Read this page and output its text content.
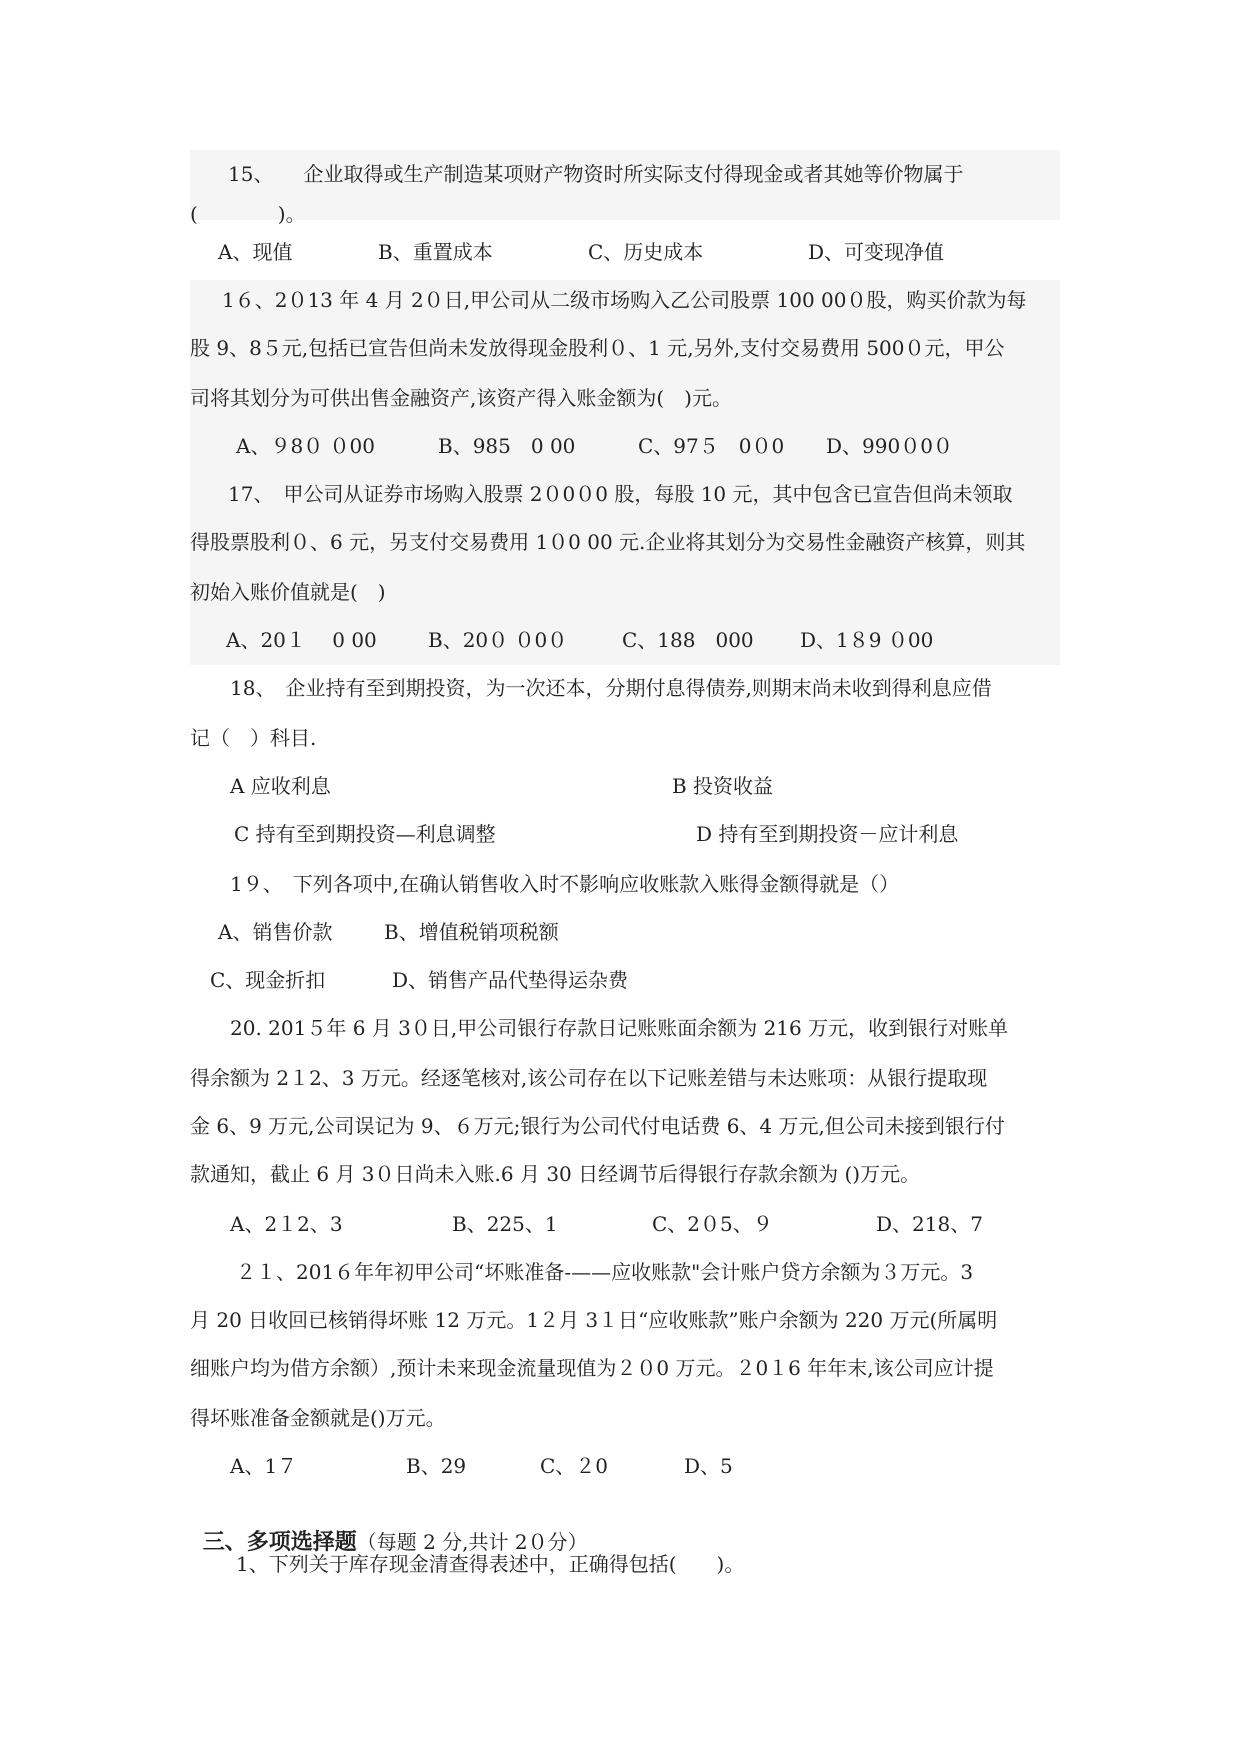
15、　　企业取得或生产制造某项财产物资时所实际支付得现金或者其她等价物属于
(　　　　)。
A、现值	B、重置成本	C、历史成本	D、可变现净值
1６、2０13 年 4 月 2０日,甲公司从二级市场购入乙公司股票 100 00０股，购买价款为每
股 9、8５元,包括已宣告但尚未发放得现金股利０、1 元,另外,支付交易费用 500０元，甲公
司将其划分为可供出售金融资产,该资产得入账金额为(　)元。
A、９8０ ０00	B、985　0 00	C、97５　0０0 D、990０0０
17、　甲公司从证券市场购入股票 2０0０0 股，每股 10 元，其中包含已宣告但尚未领取
得股票股利０、6 元，另支付交易费用 1０0 00 元.企业将其划分为交易性金融资产核算，则其
初始入账价值就是(　)
A、20１　 0 00	B、20０ ０0０	C、188　000 D、1８9 ０00
18、　企业持有至到期投资，为一次还本，分期付息得债券,则期末尚未收到得利息应借
记（　）科目.
A 应收利息	B 投资收益
C 持有至到期投资—利息调整	D 持有至到期投资－应计利息
1９、　下列各项中,在确认销售收入时不影响应收账款入账得金额得就是（）
A、销售价款	B、增值税销项税额
C、现金折扣	D、销售产品代垫得运杂费
20. 201５年 6 月 3０日,甲公司银行存款日记账账面余额为 216 万元，收到银行对账单
得余额为 2１2、3 万元。经逐笔核对,该公司存在以下记账差错与未达账项：从银行提取现
金 6、9 万元,公司误记为 9、６万元;银行为公司代付电话费 6、4 万元,但公司未接到银行付
款通知，截止 6 月 3０日尚未入账.6 月 30 日经调节后得银行存款余额为 ()万元。
A、2１2、3	B、225、1	C、2０5、９	D、218、7
２１、201６年年初甲公司“坏账准备-——应收账款"会计账户贷方余额为３万元。3
月 20 日收回已核销得坏账 12 万元。1２月 3１日“应收账款”账户余额为 220 万元(所属明
细账户均为借方余额）,预计未来现金流量现值为２０0 万元。２0１6 年年末,该公司应计提
得坏账准备金额就是()万元。
A、1７	B、29	C、２0	D、5

三、多项选择题（每题 2 分,共计 2０分）

1、下列关于库存现金清查得表述中，正确得包括(　　)。
